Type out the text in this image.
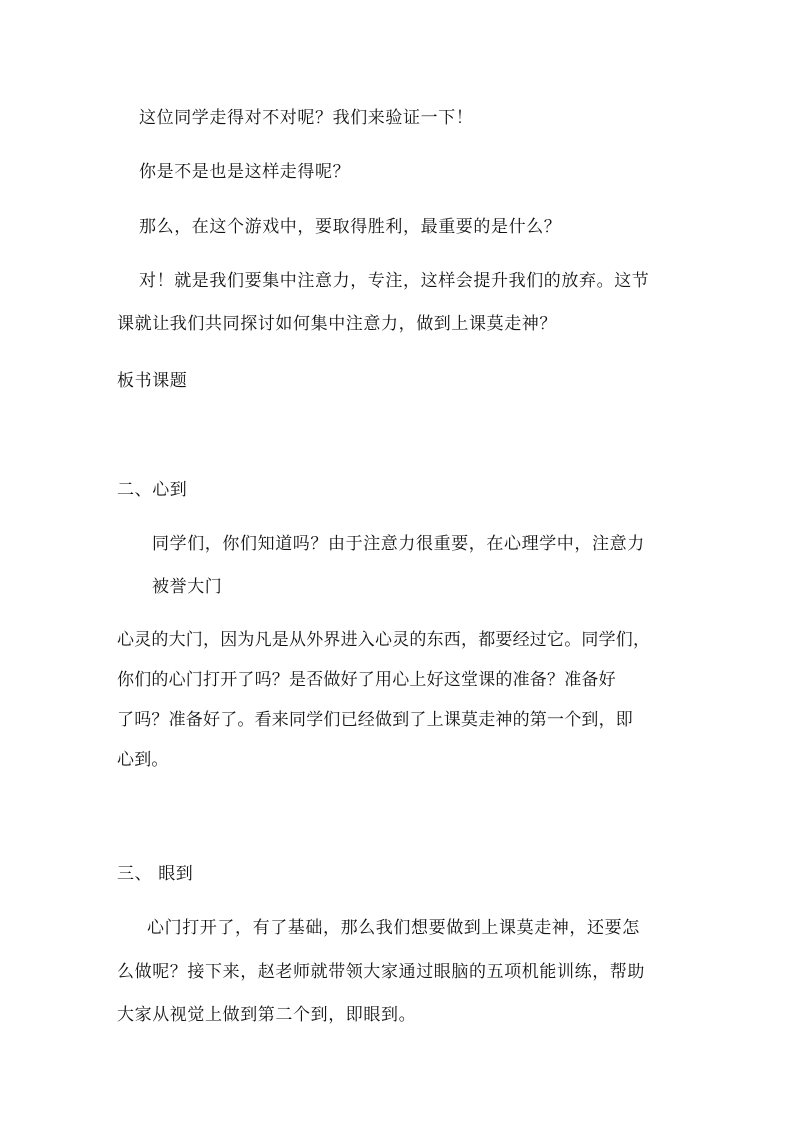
这位同学走得对不对呢？我们来验证一下！
你是不是也是这样走得呢？
那么，在这个游戏中，要取得胜利，最重要的是什么？
对！就是我们要集中注意力，专注，这样会提升我们的放弃。这节
课就让我们共同探讨如何集中注意力，做到上课莫走神？
板书课题
二、心到
同学们，你们知道吗？由于注意力很重要，在心理学中，注意力
被誉大门
心灵的大门，因为凡是从外界进入心灵的东西，都要经过它。同学们，
你们的心门打开了吗？是否做好了用心上好这堂课的准备？准备好
了吗？准备好了。看来同学们已经做到了上课莫走神的第一个到，即
心到。
三、 眼到
心门打开了，有了基础，那么我们想要做到上课莫走神，还要怎
么做呢？接下来，赵老师就带领大家通过眼脑的五项机能训练，帮助
大家从视觉上做到第二个到，即眼到。
